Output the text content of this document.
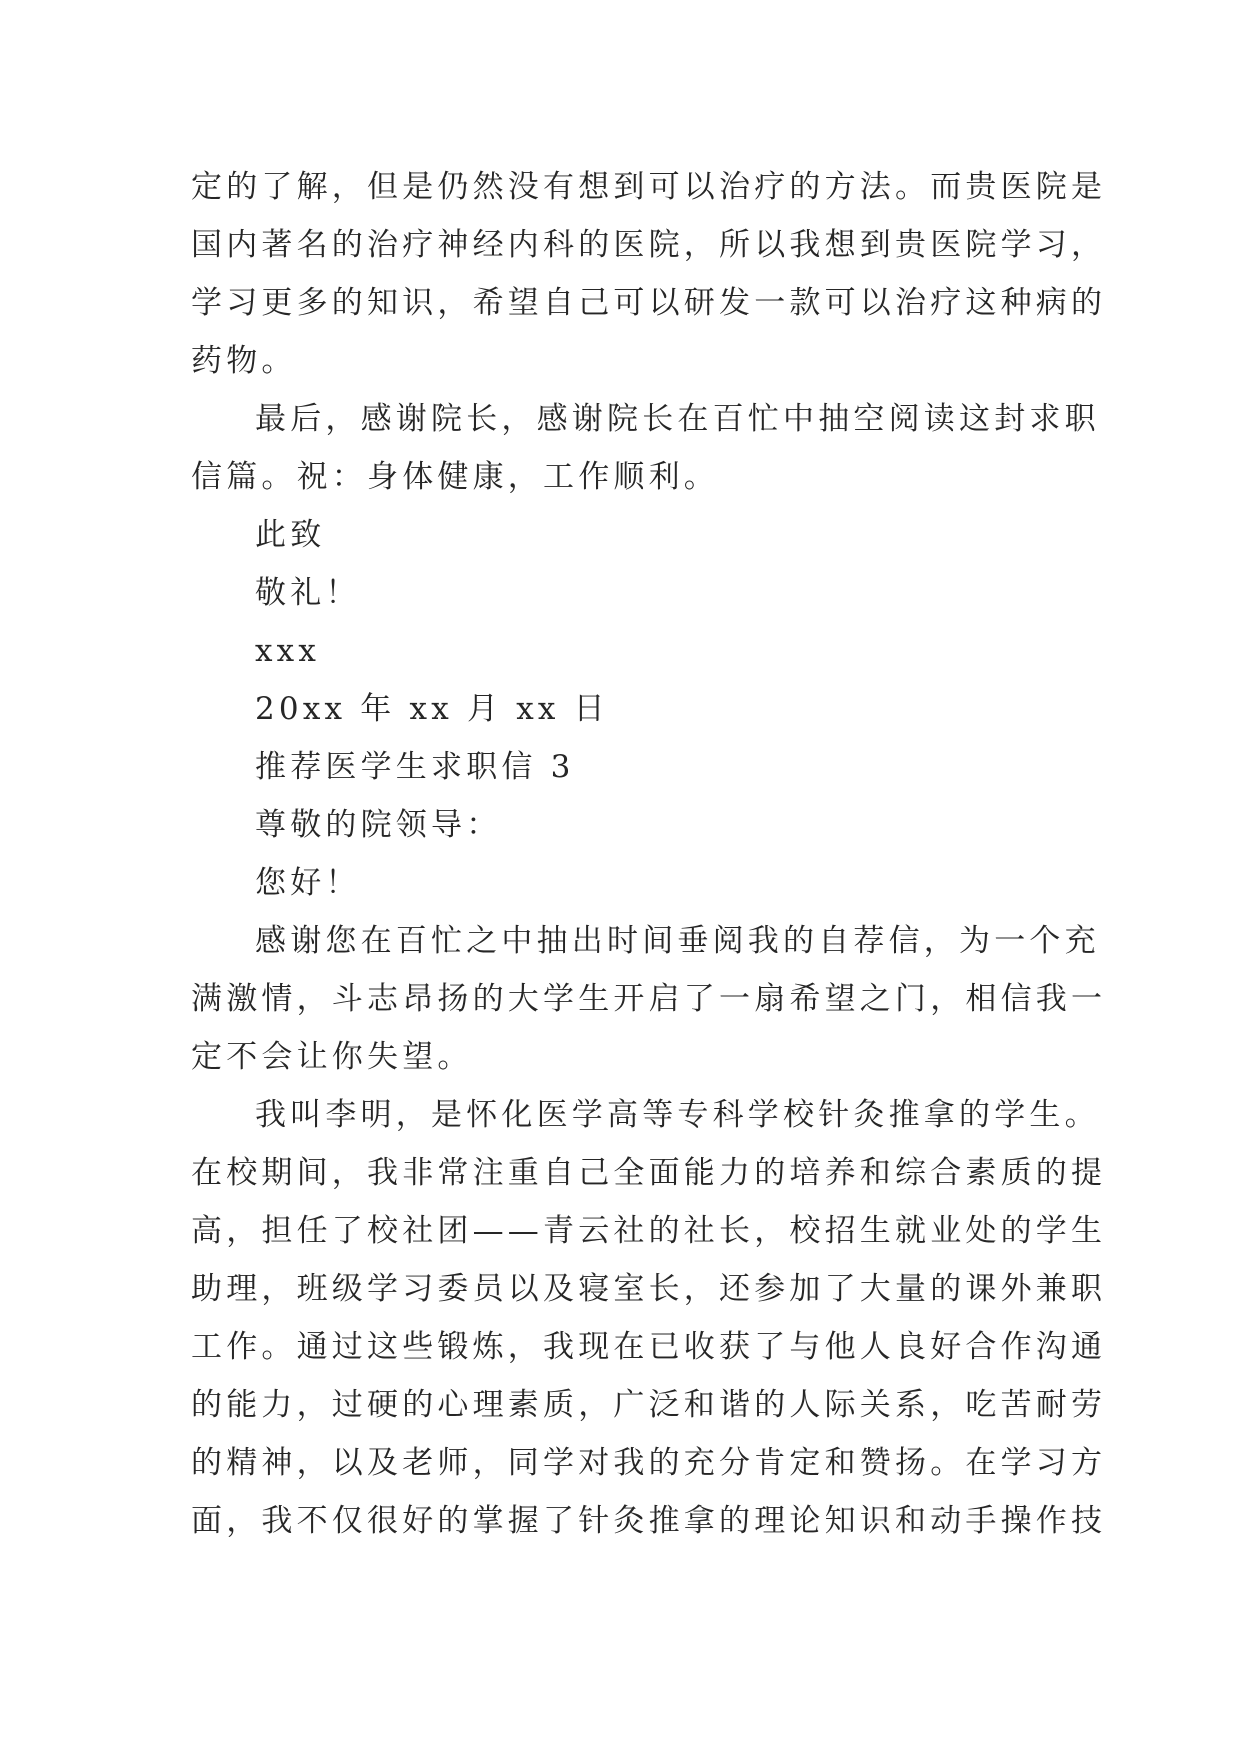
定的了解，但是仍然没有想到可以治疗的方法。而贵医院是
国内著名的治疗神经内科的医院，所以我想到贵医院学习，
学习更多的知识，希望自己可以研发一款可以治疗这种病的
药物。
最后，感谢院长，感谢院长在百忙中抽空阅读这封求职
信篇。祝：身体健康，工作顺利。
此致
敬礼！
xxx
20xx 年 xx 月 xx 日
推荐医学生求职信 3
尊敬的院领导：
您好！
感谢您在百忙之中抽出时间垂阅我的自荐信，为一个充
满激情，斗志昂扬的大学生开启了一扇希望之门，相信我一
定不会让你失望。
我叫李明，是怀化医学高等专科学校针灸推拿的学生。
在校期间，我非常注重自己全面能力的培养和综合素质的提
高，担任了校社团——青云社的社长，校招生就业处的学生
助理，班级学习委员以及寝室长，还参加了大量的课外兼职
工作。通过这些锻炼，我现在已收获了与他人良好合作沟通
的能力，过硬的心理素质，广泛和谐的人际关系，吃苦耐劳
的精神，以及老师，同学对我的充分肯定和赞扬。在学习方
面，我不仅很好的掌握了针灸推拿的理论知识和动手操作技
